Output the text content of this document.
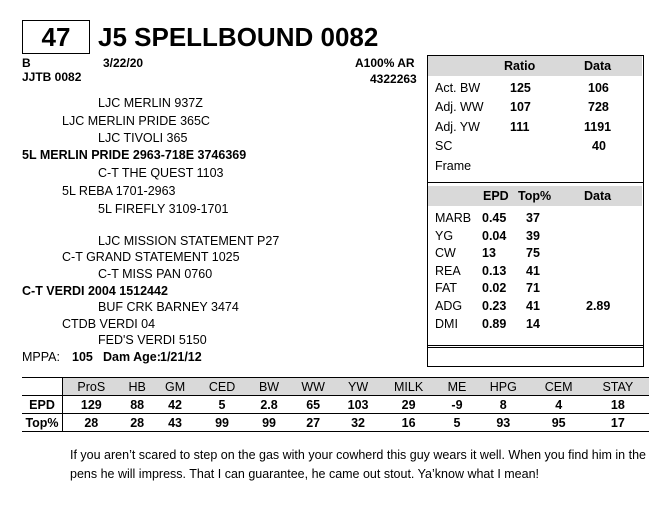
47	J5 SPELLBOUND 0082
B	3/22/20	A100% AR
JJTB 0082	4322263
LJC MERLIN 937Z
LJC MERLIN PRIDE 365C
LJC TIVOLI 365
5L MERLIN PRIDE 2963-718E 3746369
C-T THE QUEST 1103
5L REBA 1701-2963
5L FIREFLY 3109-1701
LJC MISSION STATEMENT P27
C-T GRAND STATEMENT 1025
C-T MISS PAN 0760
C-T VERDI 2004 1512442
BUF CRK BARNEY 3474
CTDB VERDI 04
FED'S VERDI 5150
MPPA: 105 Dam Age: 1/21/12
Ratio	Data
Act. BW 125	106
Adj. WW 107	728
Adj. YW 111	1191
SC	40
Frame
EPD Top%	Data
MARB 0.45 37
YG 0.04 39
CW 13 75
REA 0.13 41
FAT 0.02 71
ADG 0.23 41	2.89
DMI 0.89 14
	ProS	HB	GM	CED	BW	WW	YW	MILK	ME	HPG	CEM	STAY
EPD	129	88	42	5	2.8	65	103	29	-9	8	4	18
Top%	28	28	43	99	99	27	32	16	5	93	95	17
If you aren’t scared to step on the gas with your cowherd this guy wears it well. When you find him in the pens he will impress. That I can guarantee, he came out stout. Ya’know what I mean!
